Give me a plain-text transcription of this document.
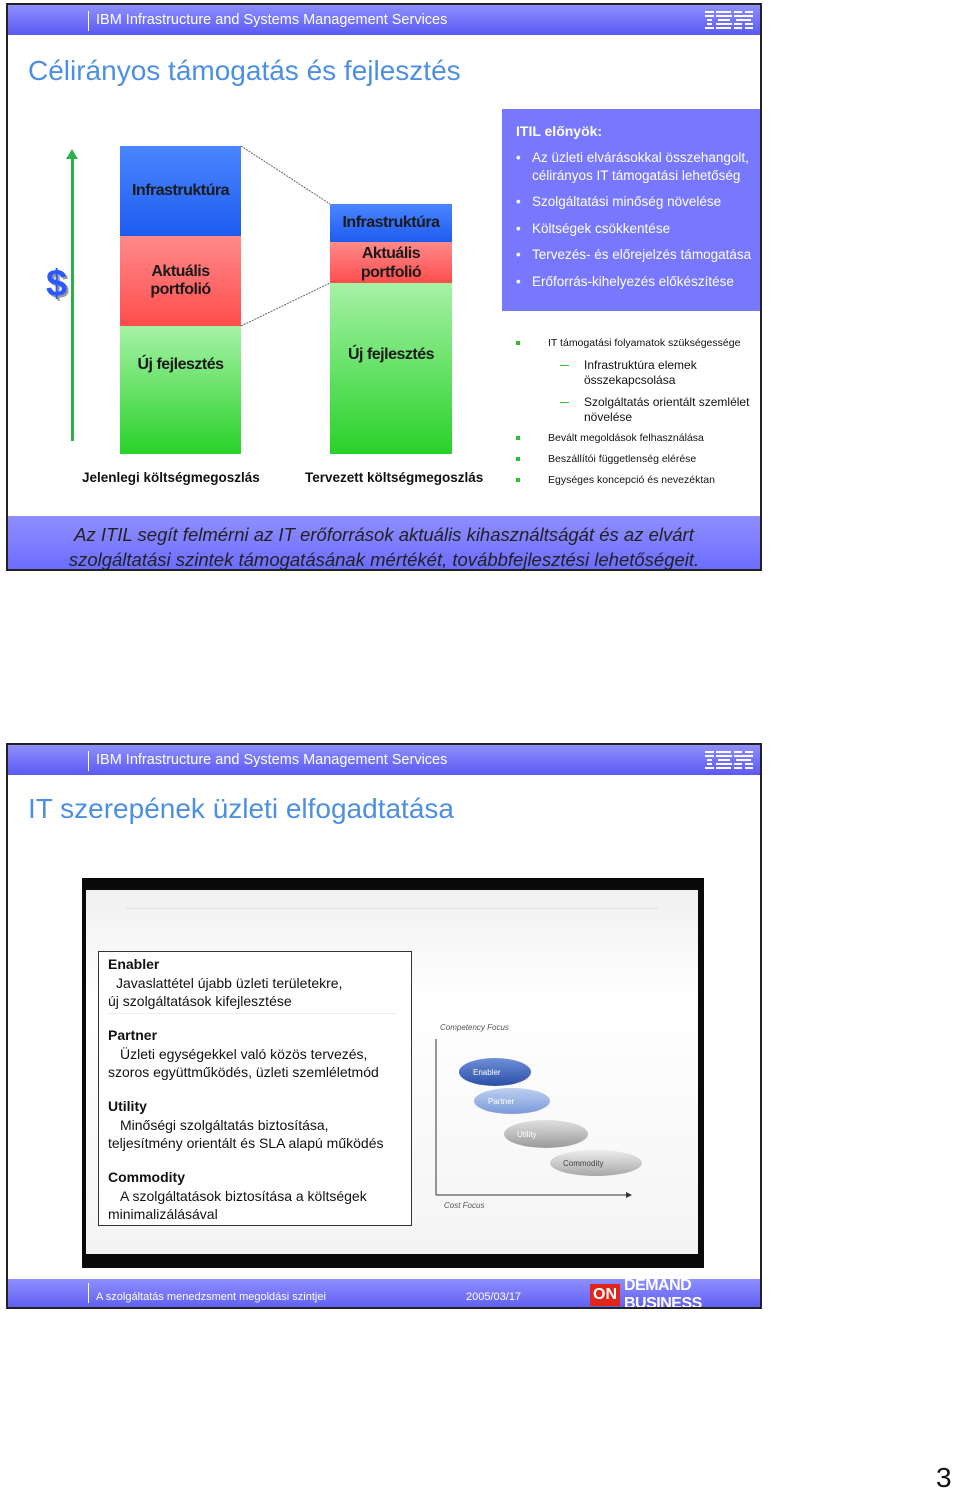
IBM Infrastructure and Systems Management Services
Célirányos támogatás és fejlesztés
$
Infrastruktúra
Aktuális portfolió
Új fejlesztés
Jelenlegi költségmegoszlás
Infrastruktúra
Aktuális portfolió
Új fejlesztés
Tervezett költségmegoszlás
ITIL előnyök:
• Az üzleti elvárásokkal összehangolt, célirányos IT támogatási lehetőség
• Szolgáltatási minőség növelése
• Költségek csökkentése
• Tervezés- és előrejelzés támogatása
• Erőforrás-kihelyezés előkészítése
IT támogatási folyamatok szükségessége
Infrastruktúra elemek összekapcsolása
Szolgáltatás orientált szemlélet növelése
Bevált megoldások felhasználása
Beszállítói függetlenség elérése
Egységes koncepció és nevezéktan
Az ITIL segít felmérni az IT erőforrások aktuális kihasználtságát és az elvárt
szolgáltatási szintek támogatásának mértékét, továbbfejlesztési lehetőségeit.
IBM Infrastructure and Systems Management Services
IT szerepének üzleti elfogadtatása
Competency Focus
Cost Focus
Enabler
Partner
Utility
Commodity
Enabler
Javaslattétel újabb üzleti területekre,
új szolgáltatások kifejlesztése
Partner
Üzleti egységekkel való közös tervezés,
szoros együttműködés, üzleti szemléletmód
Utility
Minőségi szolgáltatás biztosítása,
teljesítmény orientált és SLA alapú működés
Commodity
A szolgáltatások biztosítása a költségek
minimalizálásával
A szolgáltatás menedzsment megoldási szintjei	2005/03/17	ON
DEMAND BUSINESS
3
